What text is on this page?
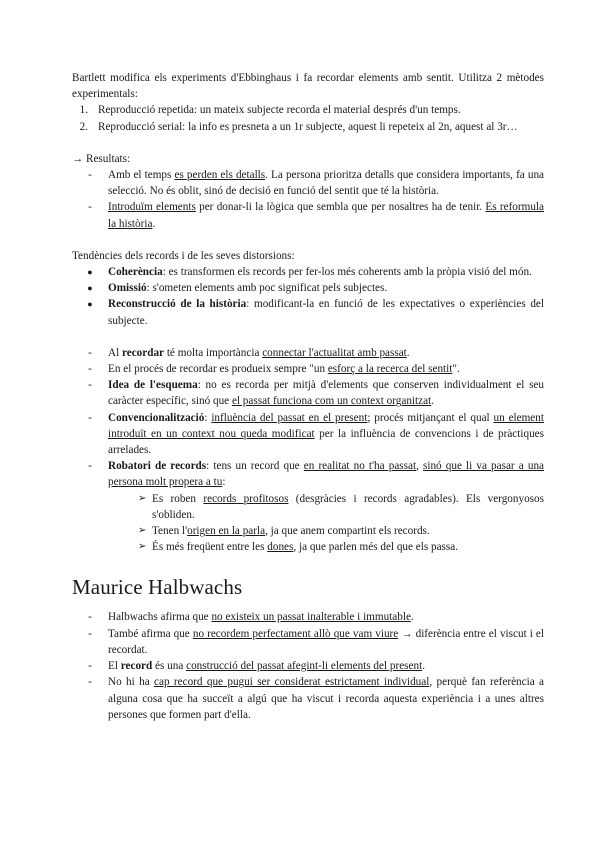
Bartlett modifica els experiments d'Ebbinghaus i fa recordar elements amb sentit. Utilitza 2 mètodes experimentals:

1. Reproducció repetida: un mateix subjecte recorda el material després d'un temps.
2. Reproducció serial: la info es presneta a un 1r subjecte, aquest li repeteix al 2n, aquest al 3r…

→ Resultats:

-	Amb el temps es perden els detalls. La persona prioritza detalls que considera importants, fa una selecció. No és oblit, sinó de decisió en funció del sentit que té la història.
-	Introduïm elements per donar-li la lògica que sembla que per nosaltres ha de tenir. Es reformula la història.

Tendències dels records i de les seves distorsions:

●	Coherència: es transformen els records per fer-los més coherents amb la pròpia visió del món.
●	Omissió: s'ometen elements amb poc significat pels subjectes.
●	Reconstrucció de la història: modificant-la en funció de les expectatives o experiències del subjecte.
-	Al recordar té molta importància connectar l'actualitat amb passat.
-	En el procés de recordar es produeix sempre "un esforç a la recerca del sentit".
-	Idea de l'esquema: no es recorda per mitjà d'elements que conserven individualment el seu caràcter específic, sinó que el passat funciona com un context organitzat.
-	Convencionalització: influència del passat en el present; procés mitjançant el qual un element introduït en un context nou queda modificat per la influència de convencions i de pràctiques arrelades.
-	Robatori de records: tens un record que en realitat no t'ha passat, sinó que li va pasar a una persona molt propera a tu:
➢ Es roben records profitosos (desgràcies i records agradables). Els vergonyosos s'obliden.
➢ Tenen l'origen en la parla, ja que anem compartint els records.
➢ És més freqüent entre les dones, ja que parlen més del que els passa.
Maurice Halbwachs
-	Halbwachs afirma que no existeix un passat inalterable i immutable.
-	També afirma que no recordem perfectament allò que vam viure → diferència entre el viscut i el recordat.
-	El record és una construcció del passat afegint-li elements del present.
-	No hi ha cap record que pugui ser considerat estrictament individual, perquè fan referència a alguna cosa que ha succeït a algú que ha viscut i recorda aquesta experiència i a unes altres persones que formen part d'ella.
